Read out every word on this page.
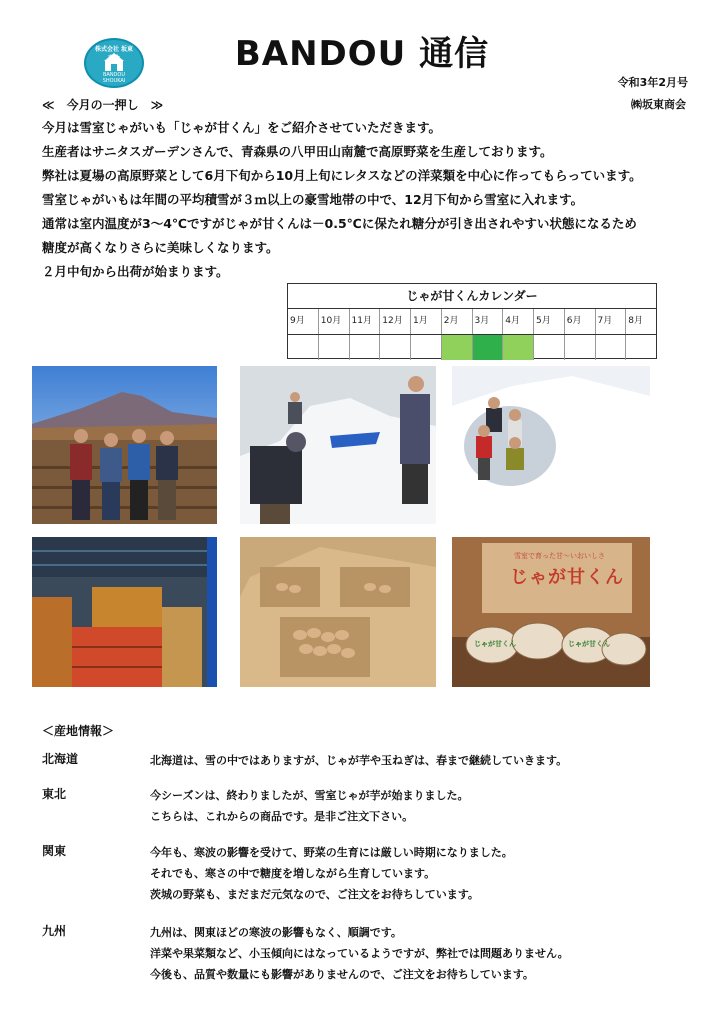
株式会社 坂東
BANDOU SHOUKAI
BANDOU 通信
令和3年2月号
㈱坂東商会
≪　今月の一押し　≫

今月は雪室じゃがいも「じゃが甘くん」をご紹介させていただきます。

生産者はサニタスガーデンさんで、青森県の八甲田山南麓で高原野菜を生産しております。

弊社は夏場の高原野菜として6月下旬から10月上旬にレタスなどの洋菜類を中心に作ってもらっています。

雪室じゃがいもは年間の平均積雪が３ｍ以上の豪雪地帯の中で、12月下旬から雪室に入れます。

通常は室内温度が3～4℃ですがじゃが甘くんは－0.5℃に保たれ糖分が引き出されやすい状態になるため

糖度が高くなりさらに美味しくなります。

２月中旬から出荷が始まります。

じゃが甘くんカレンダー
9月	10月	11月	12月	1月	2月	3月	4月	5月	6月	7月	8月
雪室で育った甘〜いおいしさ
じゃが甘くん
じゃが甘くん	じゃが甘くん
＜産地情報＞
北海道	北海道は、雪の中ではありますが、じゃが芋や玉ねぎは、春まで継続していきます。

東北	今シーズンは、終わりましたが、雪室じゃが芋が始まりました。

こちらは、これからの商品です。是非ご注文下さい。

関東	今年も、寒波の影響を受けて、野菜の生育には厳しい時期になりました。

それでも、寒さの中で糖度を増しながら生育しています。

茨城の野菜も、まだまだ元気なので、ご注文をお待ちしています。

九州	九州は、関東ほどの寒波の影響もなく、順調です。

洋菜や果菜類など、小玉傾向にはなっているようですが、弊社では問題ありません。

今後も、品質や数量にも影響がありませんので、ご注文をお待ちしています。
